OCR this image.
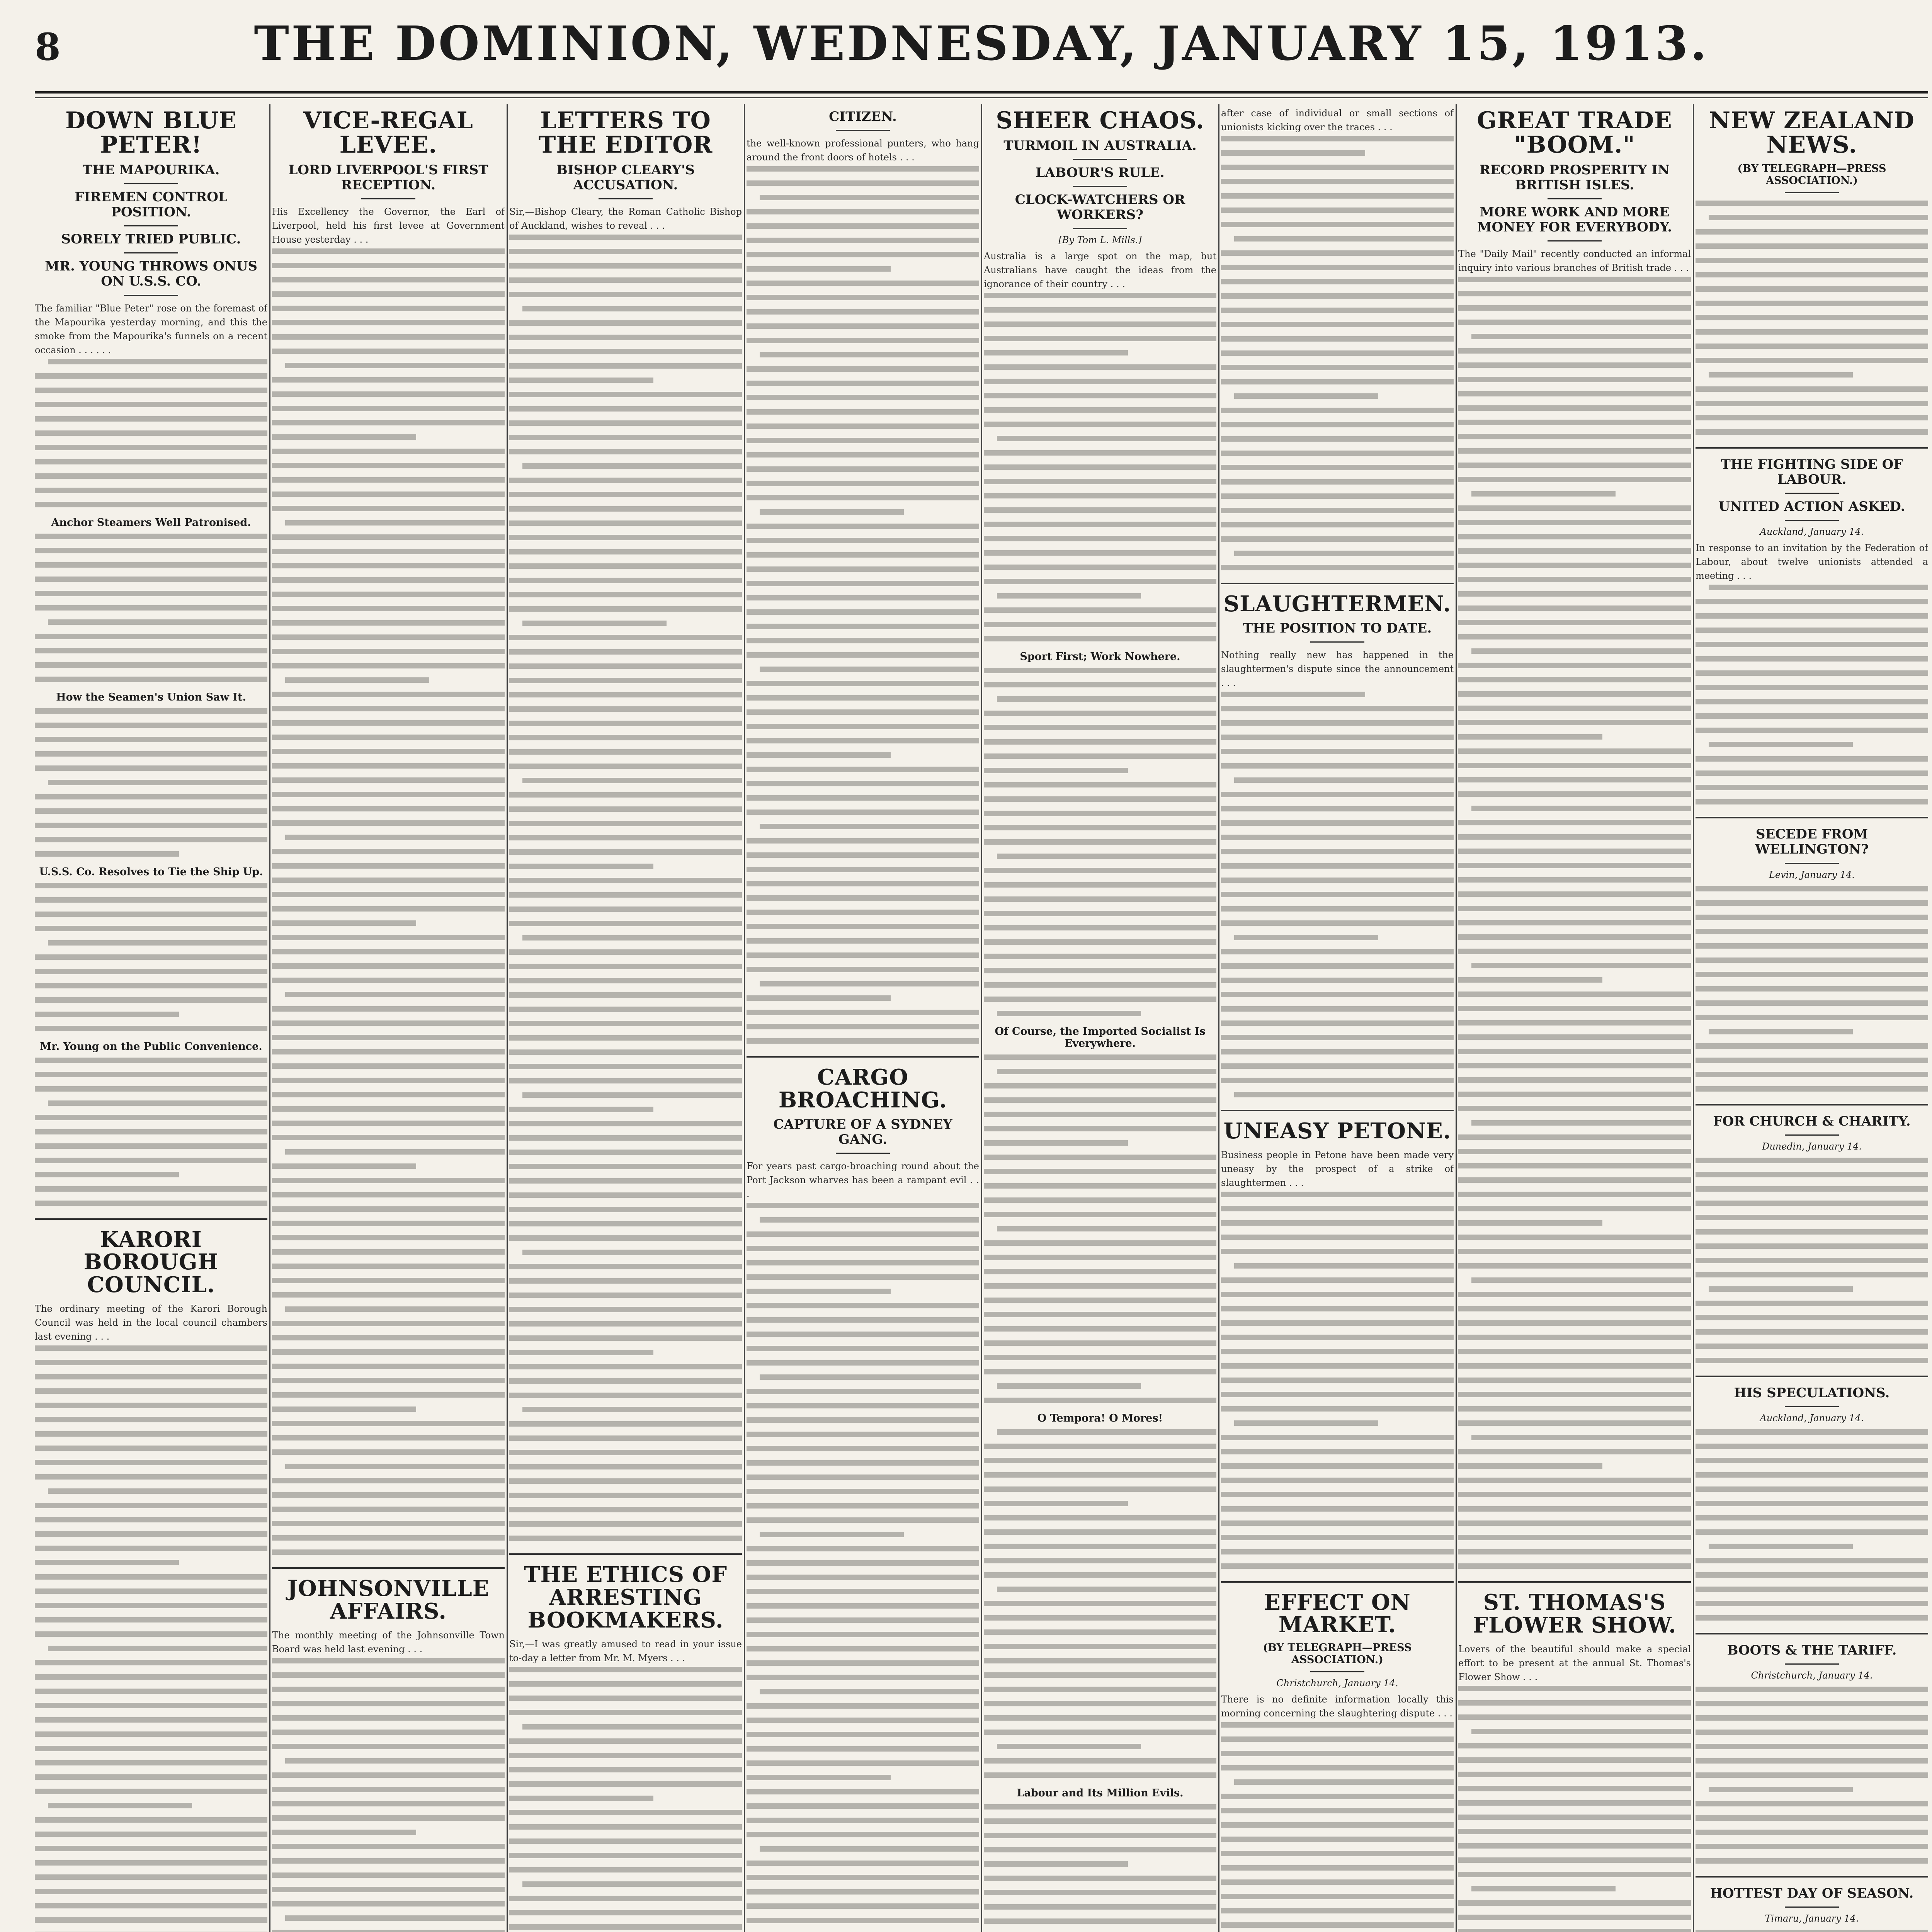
8	THE DOMINION, WEDNESDAY, JANUARY 15, 1913.
DOWN BLUE PETER!
THE MAPOURIKA.
FIREMEN CONTROL POSITION.
SORELY TRIED PUBLIC.
MR. YOUNG THROWS ONUS ON U.S.S. CO.

The familiar "Blue Peter" rose on the foremast of the Mapourika yesterday morning, and this the smoke from the Mapourika's funnels on a recent occasion . . . . . .

Anchor Steamers Well Patronised.
How the Seamen's Union Saw It.
U.S.S. Co. Resolves to Tie the Ship Up.
Mr. Young on the Public Convenience.
KARORI BOROUGH COUNCIL.

The ordinary meeting of the Karori Borough Council was held in the local council chambers last evening . . .

VICE-REGAL LEVEE.
LORD LIVERPOOL'S FIRST RECEPTION.

His Excellency the Governor, the Earl of Liverpool, held his first levee at Government House yesterday . . .

JOHNSONVILLE AFFAIRS.

The monthly meeting of the Johnsonville Town Board was held last evening . . .

LETTERS TO THE EDITOR
BISHOP CLEARY'S ACCUSATION.

Sir,—Bishop Cleary, the Roman Catholic Bishop of Auckland, wishes to reveal . . .

THE ETHICS OF ARRESTING BOOKMAKERS.

Sir,—I was greatly amused to read in your issue to-day a letter from Mr. M. Myers . . .

CITIZEN.

the well-known professional punters, who hang around the front doors of hotels . . .

CARGO BROACHING.
CAPTURE OF A SYDNEY GANG.

For years past cargo-broaching round about the Port Jackson wharves has been a rampant evil . . .

SHEER CHAOS.
TURMOIL IN AUSTRALIA.
LABOUR'S RULE.
CLOCK-WATCHERS OR WORKERS?
[By Tom L. Mills.]

Australia is a large spot on the map, but Australians have caught the ideas from the ignorance of their country . . .

Sport First; Work Nowhere.
Of Course, the Imported Socialist Is Everywhere.
O Tempora! O Mores!
Labour and Its Million Evils.

after case of individual or small sections of unionists kicking over the traces . . .

SLAUGHTERMEN.
THE POSITION TO DATE.

Nothing really new has happened in the slaughtermen's dispute since the announcement . . .

UNEASY PETONE.

Business people in Petone have been made very uneasy by the prospect of a strike of slaughtermen . . .

EFFECT ON MARKET.
(BY TELEGRAPH—PRESS ASSOCIATION.)
Christchurch, January 14.

There is no definite information locally this morning concerning the slaughtering dispute . . .

GREAT TRADE "BOOM."
RECORD PROSPERITY IN BRITISH ISLES.
MORE WORK AND MORE MONEY FOR EVERYBODY.

The "Daily Mail" recently conducted an informal inquiry into various branches of British trade . . .

ST. THOMAS'S FLOWER SHOW.

Lovers of the beautiful should make a special effort to be present at the annual St. Thomas's Flower Show . . .

NEW ZEALAND NEWS.
(BY TELEGRAPH—PRESS ASSOCIATION.)
THE FIGHTING SIDE OF LABOUR.
UNITED ACTION ASKED.
Auckland, January 14.

In response to an invitation by the Federation of Labour, about twelve unionists attended a meeting . . .

SECEDE FROM WELLINGTON?
Levin, January 14.
FOR CHURCH & CHARITY.
Dunedin, January 14.
HIS SPECULATIONS.
Auckland, January 14.
BOOTS & THE TARIFF.
Christchurch, January 14.
HOTTEST DAY OF SEASON.
Timaru, January 14.
